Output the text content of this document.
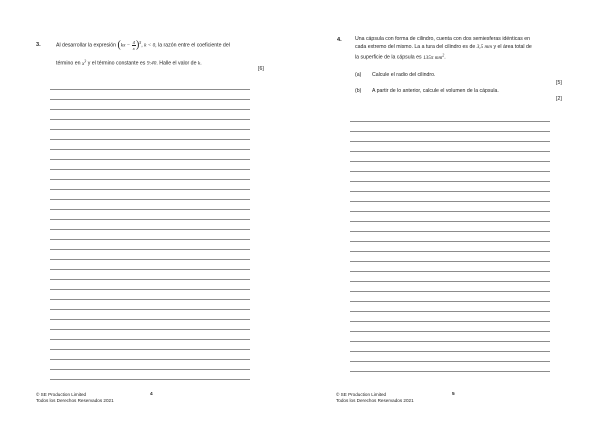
3.	Al desarrollar la expresión $(kx - \frac{4}{x} )^5$, k < 0, la razón entre el coeficiente del
término en $x^3$ y el término constante es 9:40. Halle el valor de k.
[6]
© SE Production Limited
Todos los Derechos Reservados 2021
4
4.	Una cápsula con forma de cilindro, cuenta con dos semiesferas idénticas en
cada extremo del mismo. La a tura del cilindro es de 3,5 mm y el área total de
la superficie de la cápsula es 135π $mm^2$.
(a) Calcule el radio del cilindro.
[5]
(b) A partir de lo anterior, calcule el volumen de la cápsula.
[2]
© SE Production Limited
Todos los Derechos Reservados 2021
5
